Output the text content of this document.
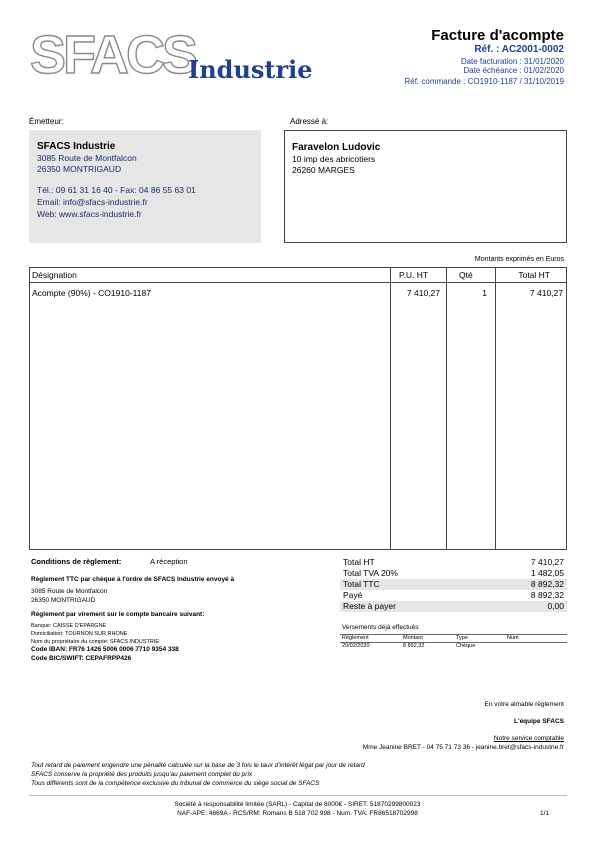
SFACS
Industrie
Facture d'acompte
Réf. : AC2001-0002
Date facturation : 31/01/2020
Date échéance : 01/02/2020
Réf. commande : CO1910-1187 / 31/10/2019
Émetteur:
SFACS Industrie
3085 Route de Montfalcon
26350 MONTRIGAUD
Tél.: 09 61 31 16 40 - Fax: 04 86 55 63 01
Email: info@sfacs-industrie.fr
Web: www.sfacs-industrie.fr
Adressé à:
Faravelon Ludovic
10 imp des abricotiers
26260 MARGES
Montants exprimés en Euros
Désignation	P.U. HT	Qté	Total HT
Acompte (90%) - CO1910-1187	7 410,27	1	7 410,27
Conditions de règlement:	A réception
Règlement TTC par chèque à l'ordre de SFACS Industrie envoyé à
3085 Route de Montfalcon
26350 MONTRIGAUD
Règlement par virement sur le compte bancaire suivant:
Banque: CAISSE D'EPARGNE
Domiciliation: TOURNON SUR RHONE
Nom du propriétaire du compte: SFACS INDUSTRIE
Code IBAN: FR76 1426 5006 0006 7710 9354 338
Code BIC/SWIFT: CEPAFRPP426
Total HT	7 410,27
Total TVA 20%	1 482,05
Total TTC	8 892,32
Payé	8 892,32
Reste à payer	0,00
Versements déjà effectués
Règlement	Montant	Type	Num
20/02/2020	8 892,32	Chèque
En votre aimable règlement
L'équipe SFACS
Notre service comptable
Mme Jeanine BRET - 04 75 71 73 36 - jeanine.bret@sfacs-industrie.fr
Tout retard de paiement engendre une pénalité calculée sur la base de 3 fois le taux d'intérêt légal par jour de retard
SFACS conserve la propriété des produits jusqu'au paiement complet du prix
Tous différents sont de la compétence exclusive du tribunal de commerce du siège social de SFACS
Société à responsabilité limitée (SARL) - Capital de 8000€ - SIRET: 51870299800023
NAF-APE: 4669A - RCS/RM: Romans B 518 702 998 - Num. TVA: FR86518702998	1/1
